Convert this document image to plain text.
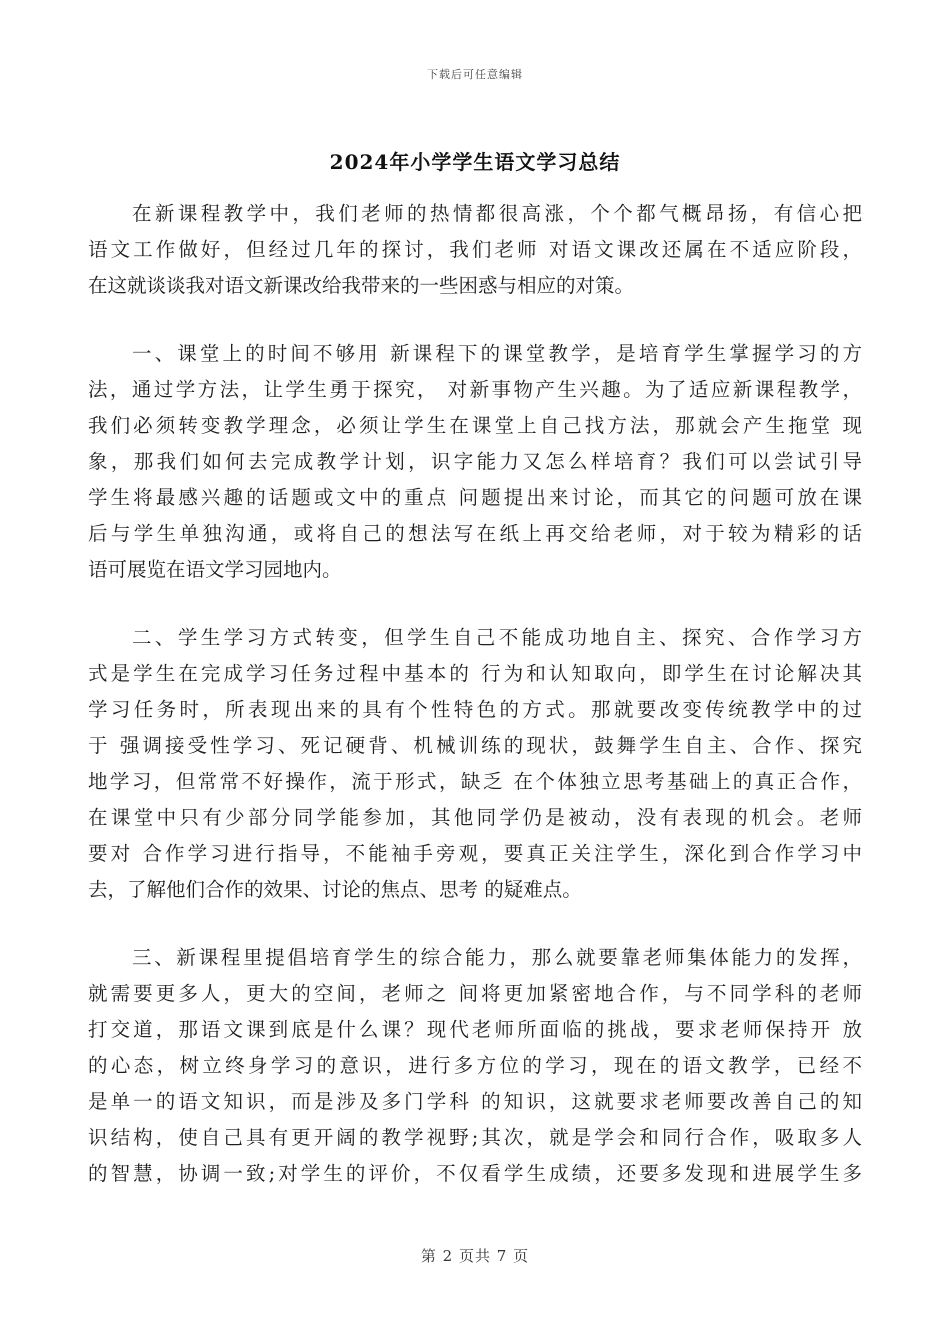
下载后可任意编辑
2024年小学学生语文学习总结
在新课程教学中，我们老师的热情都很高涨，个个都气概昂扬，有信心把
语文工作做好，但经过几年的探讨，我们老师 对语文课改还属在不适应阶段，
在这就谈谈我对语文新课改给我带来的一些困惑与相应的对策。
一、课堂上的时间不够用 新课程下的课堂教学，是培育学生掌握学习的方
法，通过学方法，让学生勇于探究， 对新事物产生兴趣。为了适应新课程教学，
我们必须转变教学理念，必须让学生在课堂上自己找方法，那就会产生拖堂 现
象，那我们如何去完成教学计划，识字能力又怎么样培育？我们可以尝试引导
学生将最感兴趣的话题或文中的重点 问题提出来讨论，而其它的问题可放在课
后与学生单独沟通，或将自己的想法写在纸上再交给老师，对于较为精彩的话
语可展览在语文学习园地内。
二、学生学习方式转变，但学生自己不能成功地自主、探究、合作学习方
式是学生在完成学习任务过程中基本的 行为和认知取向，即学生在讨论解决其
学习任务时，所表现出来的具有个性特色的方式。那就要改变传统教学中的过
于 强调接受性学习、死记硬背、机械训练的现状，鼓舞学生自主、合作、探究
地学习，但常常不好操作，流于形式，缺乏 在个体独立思考基础上的真正合作，
在课堂中只有少部分同学能参加，其他同学仍是被动，没有表现的机会。老师
要对 合作学习进行指导，不能袖手旁观，要真正关注学生，深化到合作学习中
去，了解他们合作的效果、讨论的焦点、思考 的疑难点。
三、新课程里提倡培育学生的综合能力，那么就要靠老师集体能力的发挥，
就需要更多人，更大的空间，老师之 间将更加紧密地合作，与不同学科的老师
打交道，那语文课到底是什么课？现代老师所面临的挑战，要求老师保持开 放
的心态，树立终身学习的意识，进行多方位的学习，现在的语文教学，已经不
是单一的语文知识，而是涉及多门学科 的知识，这就要求老师要改善自己的知
识结构，使自己具有更开阔的教学视野;其次，就是学会和同行合作，吸取多人
的智慧，协调一致;对学生的评价，不仅看学生成绩，还要多发现和进展学生多
第 2 页共 7 页
